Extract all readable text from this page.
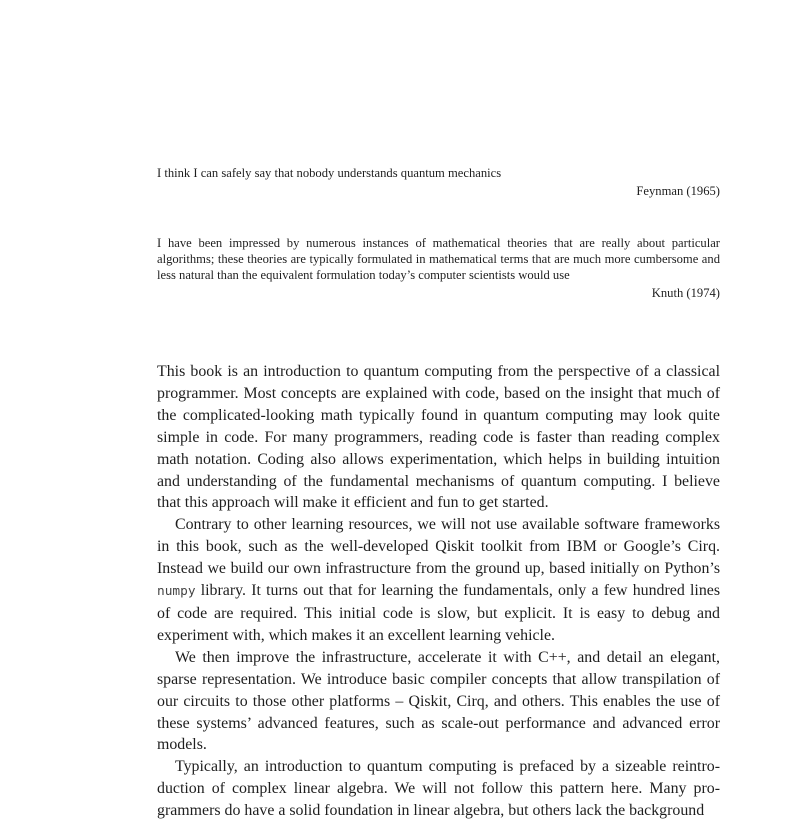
I think I can safely say that nobody understands quantum mechanics

Feynman (1965)

I have been impressed by numerous instances of mathematical theories that are really about particular algorithms; these theories are typically formulated in mathematical terms that are much more cumbersome and less natural than the equivalent formulation today’s computer scientists would use

Knuth (1974)

This book is an introduction to quantum computing from the perspective of a classical programmer. Most concepts are explained with code, based on the insight that much of the complicated-looking math typically found in quantum computing may look quite simple in code. For many programmers, reading code is faster than reading complex math notation. Coding also allows experimentation, which helps in building intuition and understanding of the fundamental mechanisms of quantum computing. I believe that this approach will make it efficient and fun to get started.

Contrary to other learning resources, we will not use available software frameworks in this book, such as the well-developed Qiskit toolkit from IBM or Google’s Cirq. Instead we build our own infrastructure from the ground up, based initially on Python’s numpy library. It turns out that for learning the fundamentals, only a few hundred lines of code are required. This initial code is slow, but explicit. It is easy to debug and experiment with, which makes it an excellent learning vehicle.

We then improve the infrastructure, accelerate it with C++, and detail an elegant, sparse representation. We introduce basic compiler concepts that allow transpilation of our circuits to those other platforms – Qiskit, Cirq, and others. This enables the use of these systems’ advanced features, such as scale-out performance and advanced error models.

Typically, an introduction to quantum computing is prefaced by a sizeable reintroduction of complex linear algebra. We will not follow this pattern here. Many programmers do have a solid foundation in linear algebra, but others lack the background
